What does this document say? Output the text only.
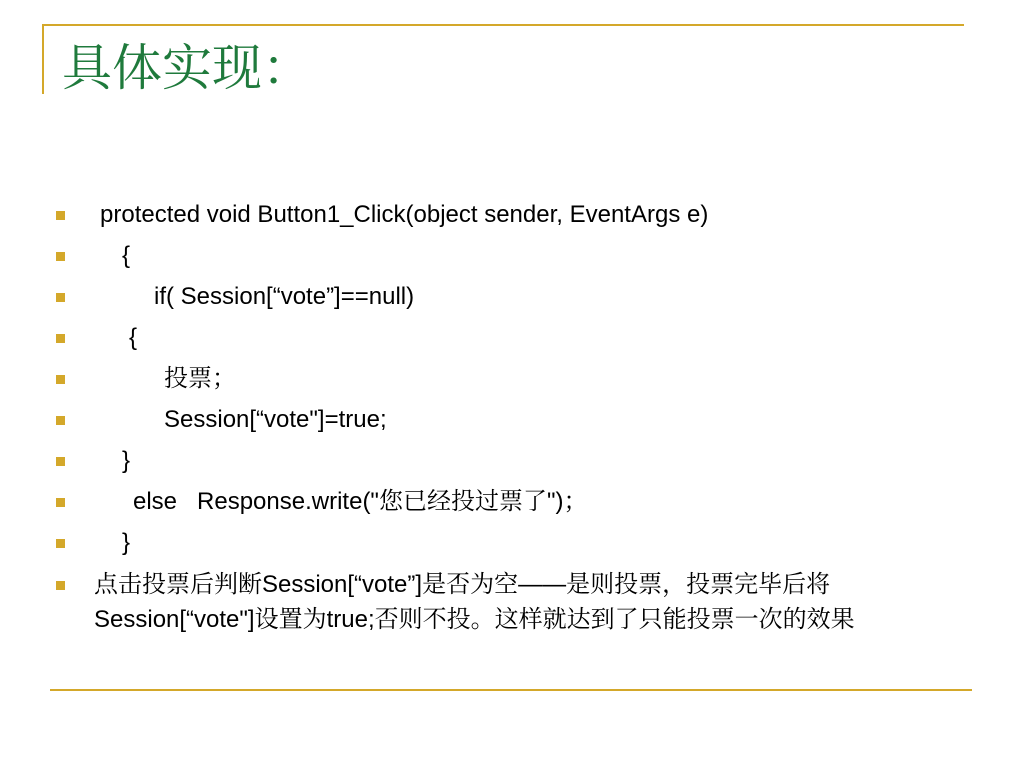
具体实现：
protected void Button1_Click(object sender, EventArgs e)
{
if( Session[“vote”]==null)
{
投票；
Session[“vote"]=true;
}
else   Response.write("您已经投过票了")；
}
点击投票后判断Session[“vote”]是否为空——是则投票，投票完毕后将Session[“vote"]设置为true;否则不投。这样就达到了只能投票一次的效果
